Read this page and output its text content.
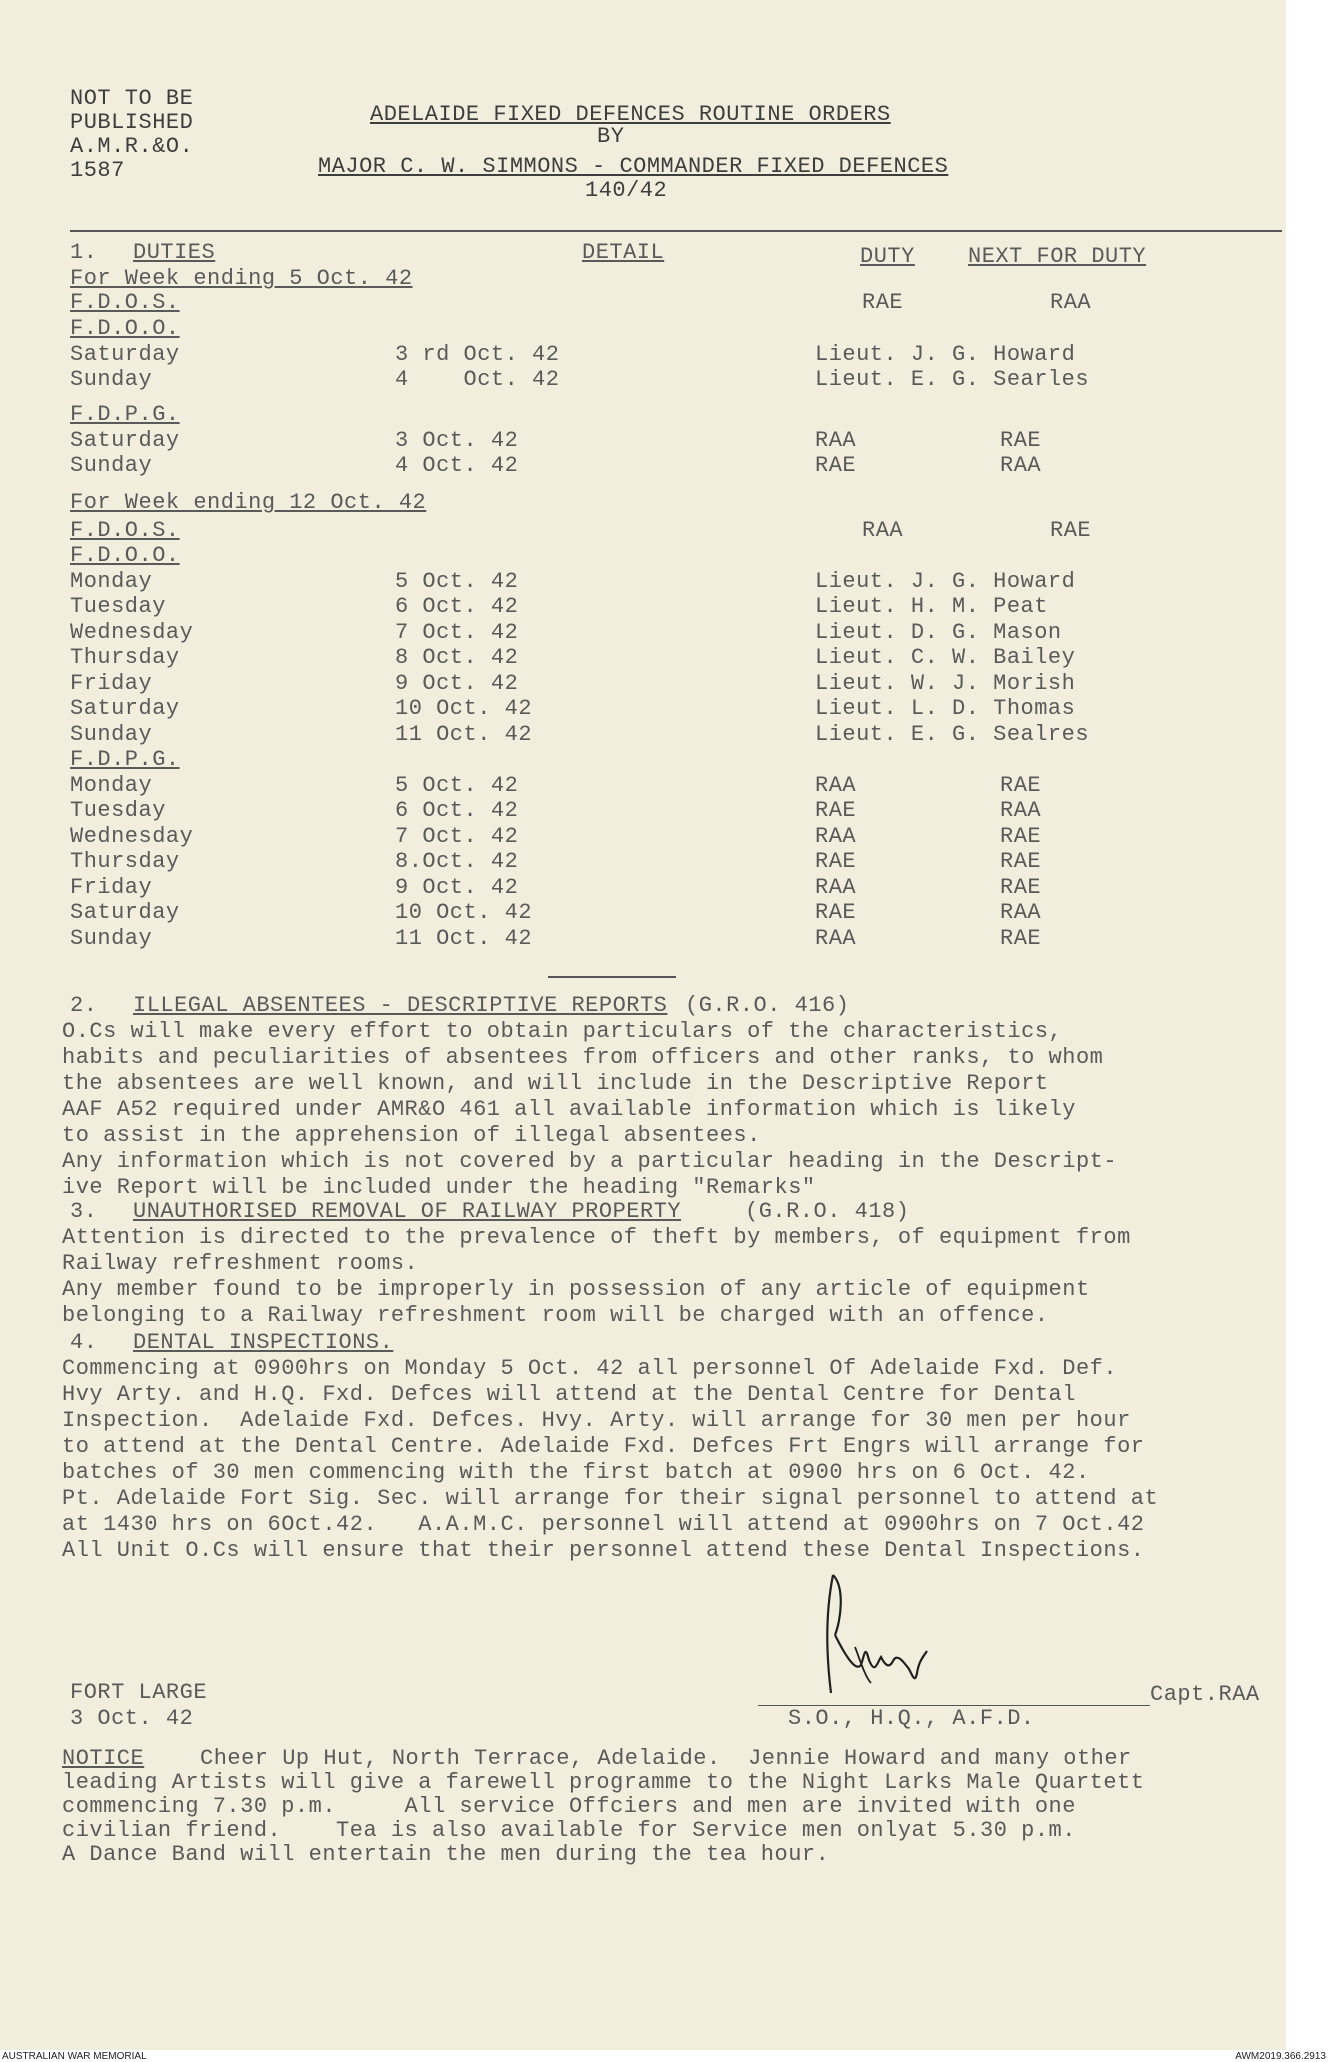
NOT TO BE
PUBLISHED
A.M.R.&O.
1587
ADELAIDE FIXED DEFENCES ROUTINE ORDERS
BY
MAJOR C. W. SIMMONS - COMMANDER FIXED DEFENCES
140/42
1. DUTIES	DETAIL	DUTY NEXT FOR DUTY
For Week ending 5 Oct. 42
F.D.O.S.	RAE	RAA
F.D.O.O.
Saturday	3 rd Oct. 42	Lieut. J. G. Howard
Sunday	4    Oct. 42	Lieut. E. G. Searles
F.D.P.G.
Saturday	3 Oct. 42	RAA	RAE
Sunday	4 Oct. 42	RAE	RAA
For Week ending 12 Oct. 42
F.D.O.S.	RAA	RAE
F.D.O.O.
Monday	5 Oct. 42	Lieut. J. G. Howard
Tuesday	6 Oct. 42	Lieut. H. M. Peat
Wednesday	7 Oct. 42	Lieut. D. G. Mason
Thursday	8 Oct. 42	Lieut. C. W. Bailey
Friday	9 Oct. 42	Lieut. W. J. Morish
Saturday	10 Oct. 42	Lieut. L. D. Thomas
Sunday	11 Oct. 42	Lieut. E. G. Sealres
F.D.P.G.
Monday	5 Oct. 42	RAA	RAE
Tuesday	6 Oct. 42	RAE	RAA
Wednesday	7 Oct. 42	RAA	RAE
Thursday	8.Oct. 42	RAE	RAE
Friday	9 Oct. 42	RAA	RAE
Saturday	10 Oct. 42	RAE	RAA
Sunday	11 Oct. 42	RAA	RAE
2. ILLEGAL ABSENTEES - DESCRIPTIVE REPORTS (G.R.O. 416)
O.Cs will make every effort to obtain particulars of the characteristics,
habits and peculiarities of absentees from officers and other ranks, to whom
the absentees are well known, and will include in the Descriptive Report
AAF A52 required under AMR&O 461 all available information which is likely
to assist in the apprehension of illegal absentees.
Any information which is not covered by a particular heading in the Descript-
ive Report will be included under the heading "Remarks"
3. UNAUTHORISED REMOVAL OF RAILWAY PROPERTY	(G.R.O. 418)
Attention is directed to the prevalence of theft by members, of equipment from
Railway refreshment rooms.
Any member found to be improperly in possession of any article of equipment
belonging to a Railway refreshment room will be charged with an offence.
4. DENTAL INSPECTIONS.
Commencing at 0900hrs on Monday 5 Oct. 42 all personnel Of Adelaide Fxd. Def.
Hvy Arty. and H.Q. Fxd. Defces will attend at the Dental Centre for Dental
Inspection.  Adelaide Fxd. Defces. Hvy. Arty. will arrange for 30 men per hour
to attend at the Dental Centre. Adelaide Fxd. Defces Frt Engrs will arrange for
batches of 30 men commencing with the first batch at 0900 hrs on 6 Oct. 42.
Pt. Adelaide Fort Sig. Sec. will arrange for their signal personnel to attend at
at 1430 hrs on 6Oct.42.   A.A.M.C. personnel will attend at 0900hrs on 7 Oct.42
All Unit O.Cs will ensure that their personnel attend these Dental Inspections.
FORT LARGE
3 Oct. 42
Capt.RAA
S.O., H.Q., A.F.D.
NOTICE	Cheer Up Hut, North Terrace, Adelaide.  Jennie Howard and many other
leading Artists will give a farewell programme to the Night Larks Male Quartett
commencing 7.30 p.m.     All service Offciers and men are invited with one
civilian friend.    Tea is also available for Service men onlyat 5.30 p.m.
A Dance Band will entertain the men during the tea hour.
AUSTRALIAN WAR MEMORIAL	AWM2019.366.2913
